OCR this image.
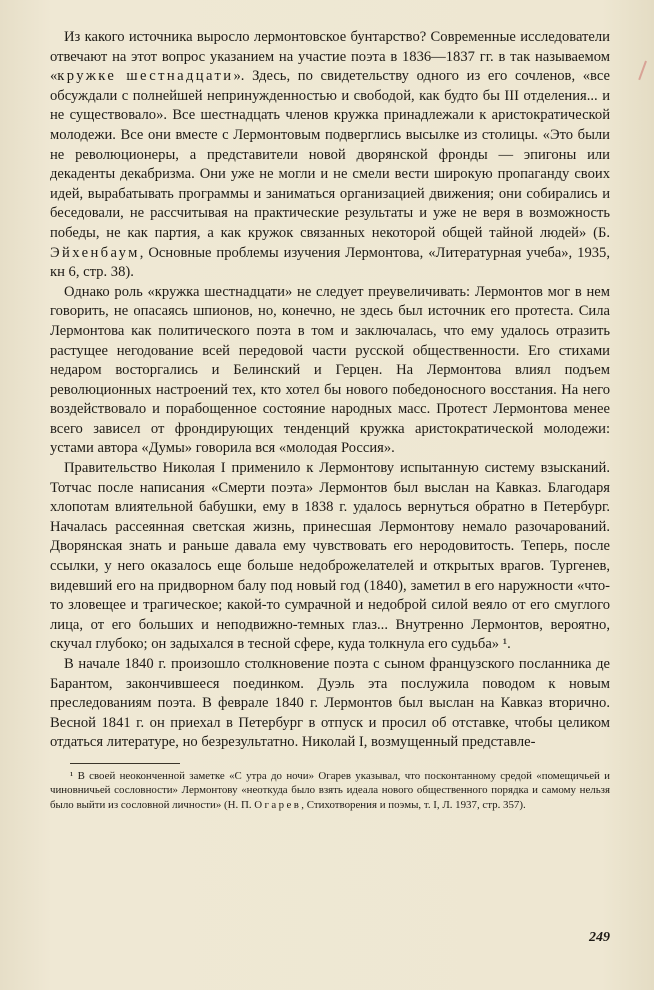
Из какого источника выросло лермонтовское бунтарство? Современные исследователи отвечают на этот вопрос указанием на участие поэта в 1836—1837 гг. в так называемом «кружке шестнадцати». Здесь, по свидетельству одного из его сочленов, «все обсуждали с полнейшей непринужденностью и свободой, как будто бы III отделения... и не существовало». Все шестнадцать членов кружка принадлежали к аристократической молодежи. Все они вместе с Лермонтовым подверглись высылке из столицы. «Это были не революционеры, а представители новой дворянской фронды — эпигоны или декаденты декабризма. Они уже не могли и не смели вести широкую пропаганду своих идей, вырабатывать программы и заниматься организацией движения; они собирались и беседовали, не рассчитывая на практические результаты и уже не веря в возможность победы, не как партия, а как кружок связанных некоторой общей тайной людей» (Б. Эйхенбаум, Основные проблемы изучения Лермонтова, «Литературная учеба», 1935, кн 6, стр. 38).

Однако роль «кружка шестнадцати» не следует преувеличивать: Лермонтов мог в нем говорить, не опасаясь шпионов, но, конечно, не здесь был источник его протеста. Сила Лермонтова как политического поэта в том и заключалась, что ему удалось отразить растущее негодование всей передовой части русской общественности. Его стихами недаром восторгались и Белинский и Герцен. На Лермонтова влиял подъем революционных настроений тех, кто хотел бы нового победоносного восстания. На него воздействовало и порабощенное состояние народных масс. Протест Лермонтова менее всего зависел от фрондирующих тенденций кружка аристократической молодежи: устами автора «Думы» говорила вся «молодая Россия».

Правительство Николая I применило к Лермонтову испытанную систему взысканий. Тотчас после написания «Смерти поэта» Лермонтов был выслан на Кавказ. Благодаря хлопотам влиятельной бабушки, ему в 1838 г. удалось вернуться обратно в Петербург. Началась рассеянная светская жизнь, принесшая Лермонтову немало разочарований. Дворянская знать и раньше давала ему чувствовать его неродовитость. Теперь, после ссылки, у него оказалось еще больше недоброжелателей и открытых врагов. Тургенев, видевший его на придворном балу под новый год (1840), заметил в его наружности «что-то зловещее и трагическое; какой-то сумрачной и недоброй силой веяло от его смуглого лица, от его больших и неподвижно-темных глаз... Внутренно Лермонтов, вероятно, скучал глубоко; он задыхался в тесной сфере, куда толкнула его судьба» ¹.

В начале 1840 г. произошло столкновение поэта с сыном французского посланника де Барантом, закончившееся поединком. Дуэль эта послужила поводом к новым преследованиям поэта. В феврале 1840 г. Лермонтов был выслан на Кавказ вторично. Весной 1841 г. он приехал в Петербург в отпуск и просил об отставке, чтобы целиком отдаться литературе, но безрезультатно. Николай I, возмущенный представле-

¹ В своей неоконченной заметке «С утра до ночи» Огарев указывал, что посконтанному средой «помещичьей и чиновничьей сословности» Лермонтову «неоткуда было взять идеала нового общественного порядка и самому нельзя было выйти из сословной личности» (Н. П. Огарев, Стихотворения и поэмы, т. I, Л. 1937, стр. 357).

249
